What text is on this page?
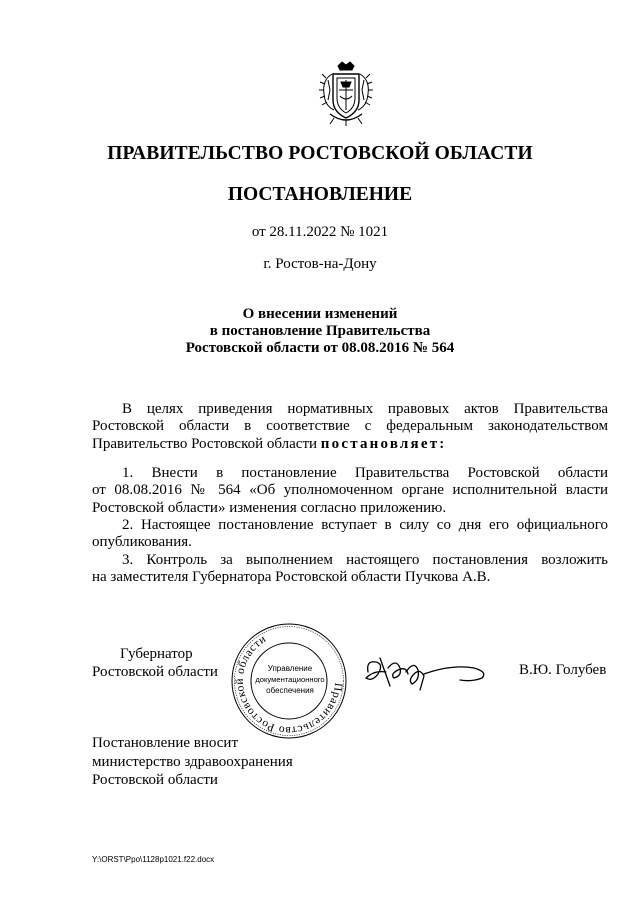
ПРАВИТЕЛЬСТВО РОСТОВСКОЙ ОБЛАСТИ
ПОСТАНОВЛЕНИЕ
от 28.11.2022 № 1021
г. Ростов-на-Дону
О внесении изменений
в постановление Правительства
Ростовской области от 08.08.2016 № 564
В целях приведения нормативных правовых актов Правительства
Ростовской области в соответствие с федеральным законодательством
Правительство Ростовской области постановляет:
1. Внести в постановление Правительства Ростовской области
от 08.08.2016 № 564 «Об уполномоченном органе исполнительной власти
Ростовской области» изменения согласно приложению.
2. Настоящее постановление вступает в силу со дня его официального
опубликования.
3. Контроль за выполнением настоящего постановления возложить
на заместителя Губернатора Ростовской области Пучкова А.В.
Губернатор
Ростовской области
Правительство Ростовской области
Управление
документационного
обеспечения
В.Ю. Голубев
Постановление вносит
министерство здравоохранения
Ростовской области
Y:\ORST\Ppo\1128p1021.f22.docx
